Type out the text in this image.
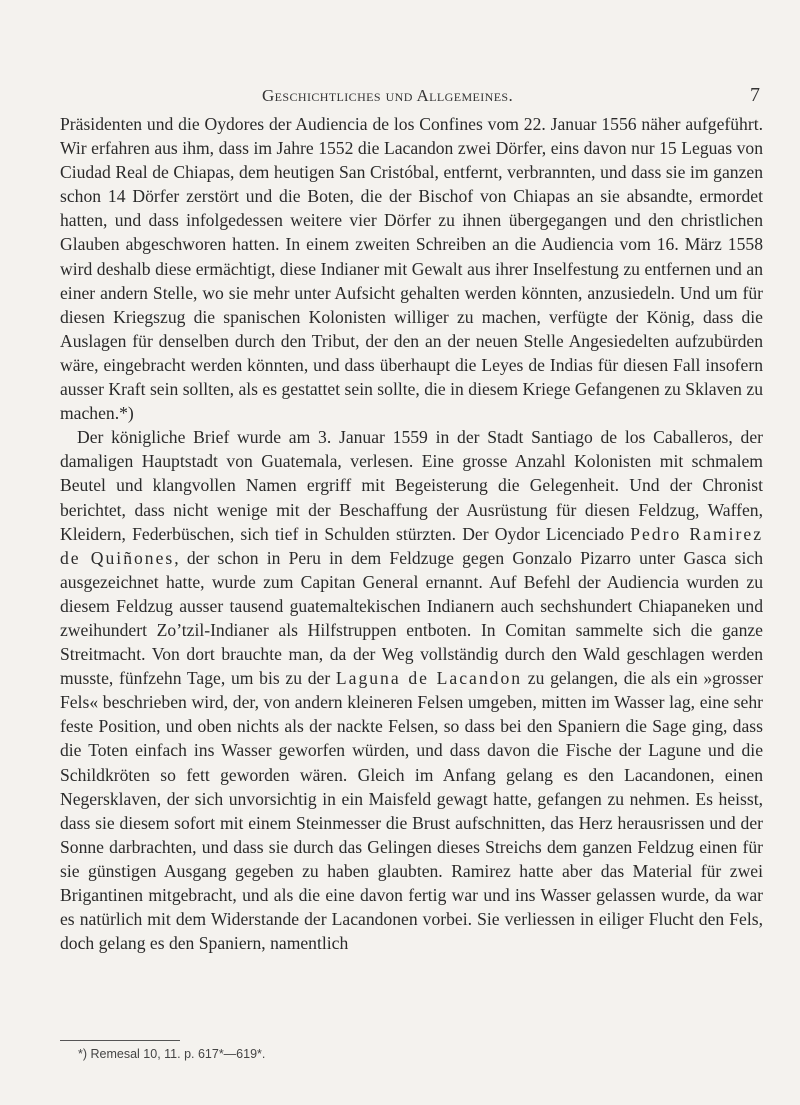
Geschichtliches und Allgemeines.	7

Präsidenten und die Oydores der Audiencia de los Confines vom 22. Januar 1556 näher aufgeführt. Wir erfahren aus ihm, dass im Jahre 1552 die Lacandon zwei Dörfer, eins davon nur 15 Leguas von Ciudad Real de Chiapas, dem heutigen San Cristóbal, entfernt, verbrannten, und dass sie im ganzen schon 14 Dörfer zerstört und die Boten, die der Bischof von Chiapas an sie absandte, ermordet hatten, und dass infolgedessen weitere vier Dörfer zu ihnen übergegangen und den christlichen Glauben abgeschworen hatten. In einem zweiten Schreiben an die Audiencia vom 16. März 1558 wird deshalb diese ermächtigt, diese Indianer mit Gewalt aus ihrer Inselfestung zu entfernen und an einer andern Stelle, wo sie mehr unter Aufsicht gehalten werden könnten, anzusiedeln. Und um für diesen Kriegszug die spanischen Kolonisten williger zu machen, verfügte der König, dass die Auslagen für denselben durch den Tribut, der den an der neuen Stelle Angesiedelten aufzubürden wäre, eingebracht werden könnten, und dass überhaupt die Leyes de Indias für diesen Fall insofern ausser Kraft sein sollten, als es gestattet sein sollte, die in diesem Kriege Gefangenen zu Sklaven zu machen.*)

Der königliche Brief wurde am 3. Januar 1559 in der Stadt Santiago de los Caballeros, der damaligen Hauptstadt von Guatemala, verlesen. Eine grosse Anzahl Kolonisten mit schmalem Beutel und klangvollen Namen ergriff mit Begeisterung die Gelegenheit. Und der Chronist berichtet, dass nicht wenige mit der Beschaffung der Ausrüstung für diesen Feldzug, Waffen, Kleidern, Federbüschen, sich tief in Schulden stürzten. Der Oydor Licenciado Pedro Ramirez de Quiñones, der schon in Peru in dem Feldzuge gegen Gonzalo Pizarro unter Gasca sich ausgezeichnet hatte, wurde zum Capitan General ernannt. Auf Befehl der Audiencia wurden zu diesem Feldzug ausser tausend guatemaltekischen Indianern auch sechshundert Chiapaneken und zweihundert Zo’tzil-Indianer als Hilfstruppen entboten. In Comitan sammelte sich die ganze Streitmacht. Von dort brauchte man, da der Weg vollständig durch den Wald geschlagen werden musste, fünfzehn Tage, um bis zu der Laguna de Lacandon zu gelangen, die als ein »grosser Fels« beschrieben wird, der, von andern kleineren Felsen umgeben, mitten im Wasser lag, eine sehr feste Position, und oben nichts als der nackte Felsen, so dass bei den Spaniern die Sage ging, dass die Toten einfach ins Wasser geworfen würden, und dass davon die Fische der Lagune und die Schildkröten so fett geworden wären. Gleich im Anfang gelang es den Lacandonen, einen Negersklaven, der sich unvorsichtig in ein Maisfeld gewagt hatte, gefangen zu nehmen. Es heisst, dass sie diesem sofort mit einem Steinmesser die Brust aufschnitten, das Herz herausrissen und der Sonne darbrachten, und dass sie durch das Gelingen dieses Streichs dem ganzen Feldzug einen für sie günstigen Ausgang gegeben zu haben glaubten. Ramirez hatte aber das Material für zwei Brigantinen mitgebracht, und als die eine davon fertig war und ins Wasser gelassen wurde, da war es natürlich mit dem Widerstande der Lacandonen vorbei. Sie verliessen in eiliger Flucht den Fels, doch gelang es den Spaniern, namentlich

*) Remesal 10, 11. p. 617*—619*.
